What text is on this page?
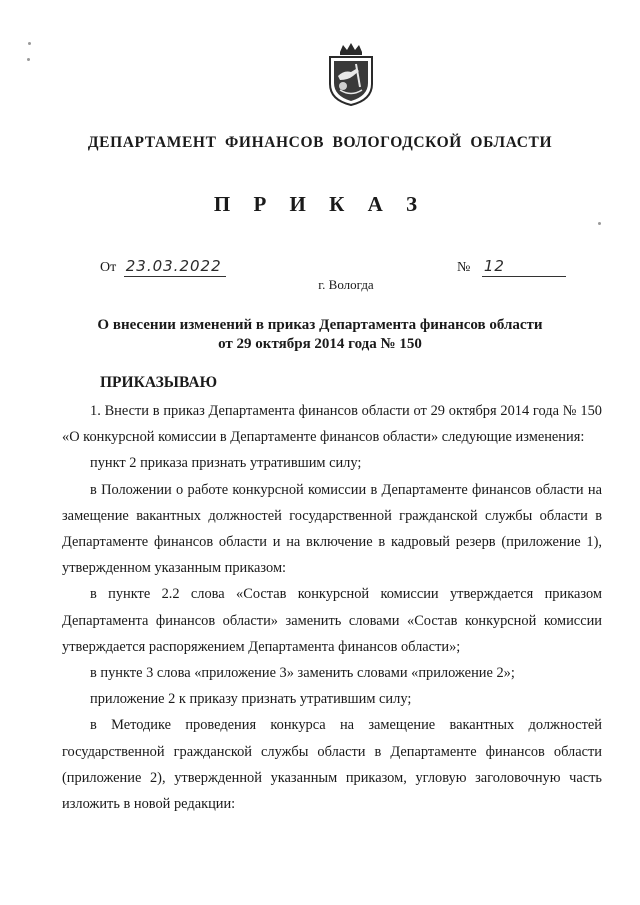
ДЕПАРТАМЕНТ ФИНАНСОВ ВОЛОГОДСКОЙ ОБЛАСТИ
П Р И К А З
От 23.03.2022	№ 12
г. Вологда
О внесении изменений в приказ Департамента финансов области
от 29 октября 2014 года № 150
ПРИКАЗЫВАЮ

1. Внести в приказ Департамента финансов области от 29 октября 2014 года № 150 «О конкурсной комиссии в Департаменте финансов области» следующие изменения:

пункт 2 приказа признать утратившим силу;

в Положении о работе конкурсной комиссии в Департаменте финансов области на замещение вакантных должностей государственной гражданской службы области в Департаменте финансов области и на включение в кадровый резерв (приложение 1), утвержденном указанным приказом:

в пункте 2.2 слова «Состав конкурсной комиссии утверждается приказом Департамента финансов области» заменить словами «Состав конкурсной комиссии утверждается распоряжением Департамента финансов области»;

в пункте 3 слова «приложение 3» заменить словами «приложение 2»;

приложение 2 к приказу признать утратившим силу;

в Методике проведения конкурса на замещение вакантных должностей государственной гражданской службы области в Департаменте финансов области (приложение 2), утвержденной указанным приказом, угловую заголовочную часть изложить в новой редакции:
